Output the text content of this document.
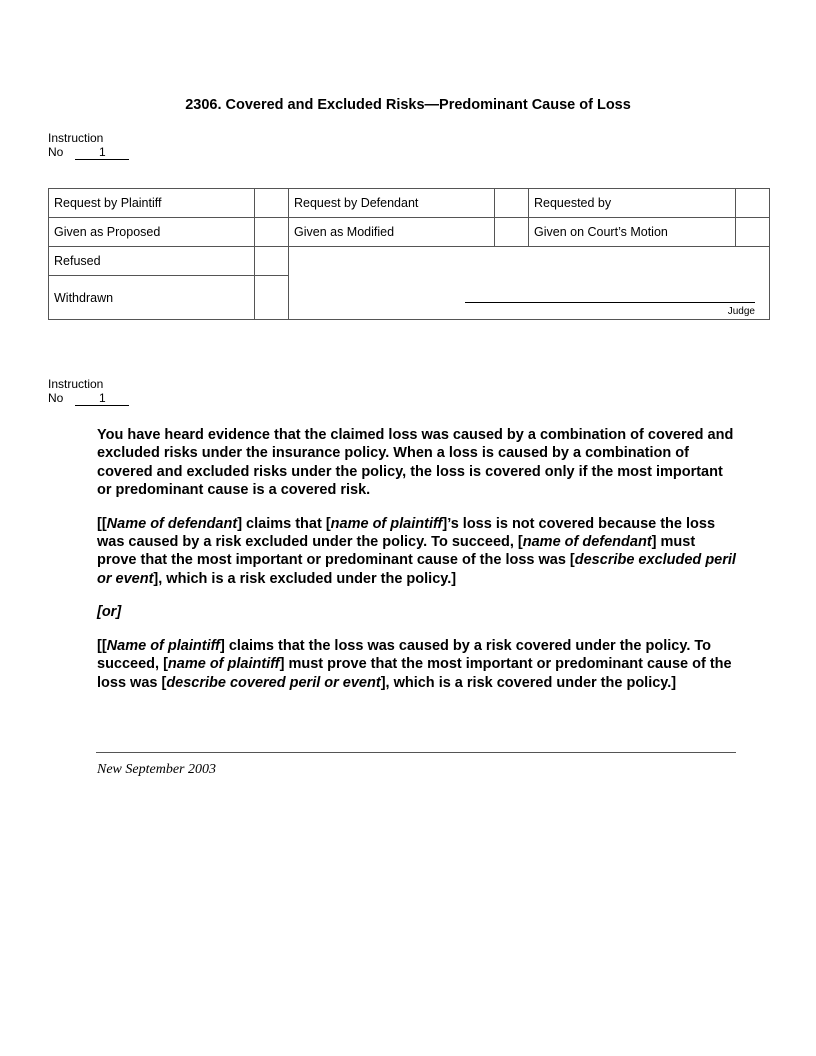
2306. Covered and Excluded Risks—Predominant Cause of Loss
Instruction
No	1
Request by Plaintiff		Request by Defendant		Requested by	
Given as Proposed		Given as Modified		Given on Court’s Motion	
Refused		Judge			

Withdrawn					
Instruction
No	1

You have heard evidence that the claimed loss was caused by a combination of covered and excluded risks under the insurance policy. When a loss is caused by a combination of covered and excluded risks under the policy, the loss is covered only if the most important or predominant cause is a covered risk.

[[Name of defendant] claims that [name of plaintiff]’s loss is not covered because the loss was caused by a risk excluded under the policy. To succeed, [name of defendant] must prove that the most important or predominant cause of the loss was [describe excluded peril or event], which is a risk excluded under the policy.]

[or]

[[Name of plaintiff] claims that the loss was caused by a risk covered under the policy. To succeed, [name of plaintiff] must prove that the most important or predominant cause of the loss was [describe covered peril or event], which is a risk covered under the policy.]

New September 2003
